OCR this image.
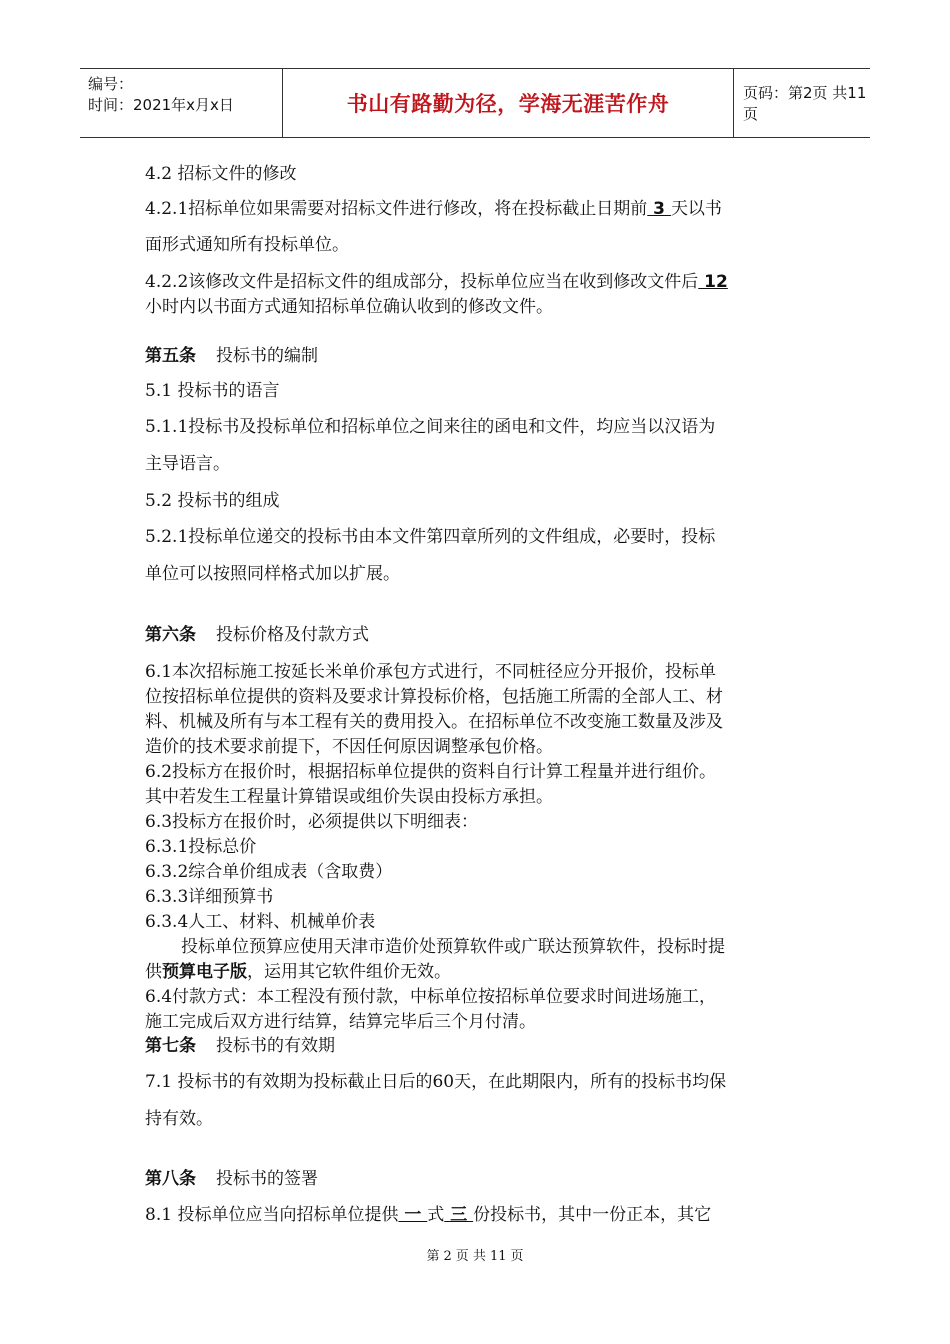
编号：
时间：2021年x月x日	书山有路勤为径，学海无涯苦作舟	页码：第2页 共11页

4.2 招标文件的修改

4.2.1招标单位如果需要对招标文件进行修改，将在投标截止日期前 3 天以书

面形式通知所有投标单位。

4.2.2该修改文件是招标文件的组成部分，投标单位应当在收到修改文件后 12

小时内以书面方式通知招标单位确认收到的修改文件。

第五条 投标书的编制

5.1 投标书的语言

5.1.1投标书及投标单位和招标单位之间来往的函电和文件，均应当以汉语为

主导语言。

5.2 投标书的组成

5.2.1投标单位递交的投标书由本文件第四章所列的文件组成，必要时，投标

单位可以按照同样格式加以扩展。

第六条 投标价格及付款方式

6.1本次招标施工按延长米单价承包方式进行，不同桩径应分开报价，投标单

位按招标单位提供的资料及要求计算投标价格，包括施工所需的全部人工、材

料、机械及所有与本工程有关的费用投入。在招标单位不改变施工数量及涉及

造价的技术要求前提下，不因任何原因调整承包价格。

6.2投标方在报价时，根据招标单位提供的资料自行计算工程量并进行组价。

其中若发生工程量计算错误或组价失误由投标方承担。

6.3投标方在报价时，必须提供以下明细表：

6.3.1投标总价

6.3.2综合单价组成表（含取费）

6.3.3详细预算书

6.3.4人工、材料、机械单价表

投标单位预算应使用天津市造价处预算软件或广联达预算软件，投标时提

供预算电子版，运用其它软件组价无效。

6.4付款方式：本工程没有预付款，中标单位按招标单位要求时间进场施工，

施工完成后双方进行结算，结算完毕后三个月付清。

第七条 投标书的有效期

7.1 投标书的有效期为投标截止日后的60天，在此期限内，所有的投标书均保

持有效。

第八条 投标书的签署

8.1 投标单位应当向招标单位提供 一 式 三 份投标书，其中一份正本，其它

第 2 页 共 11 页
